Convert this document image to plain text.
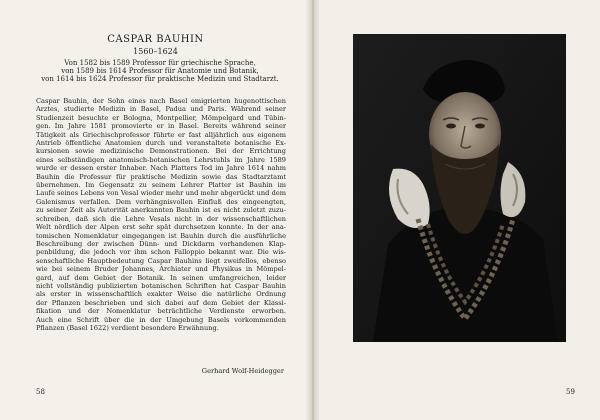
CASPAR BAUHIN
1560–1624
Von 1582 bis 1589 Professor für griechische Sprache,
von 1589 bis 1614 Professor für Anatomie und Botanik,
von 1614 bis 1624 Professor für praktische Medizin und Stadtarzt.
Caspar Bauhin, der Sohn eines nach Basel emigrierten hugenottischen
Arztes, studierte Medizin in Basel, Padua und Paris. Während seiner
Studienzeit besuchte er Bologna, Montpellier, Mömpelgard und Tübin-
gen. Im Jahre 1581 promovierte er in Basel. Bereits während seiner
Tätigkeit als Griechischprofessor führte er fast alljährlich aus eigenem
Antrieb öffentliche Anatomien durch und veranstaltete botanische Ex-
kursionen sowie medizinische Demonstrationen. Bei der Errichtung
eines selbständigen anatomisch-botanischen Lehrstuhls im Jahre 1589
wurde er dessen erster Inhaber. Nach Platters Tod im Jahre 1614 nahm
Bauhin die Professur für praktische Medizin sowie das Stadtarztamt
übernehmen. Im Gegensatz zu seinem Lehrer Platter ist Bauhin im
Laufe seines Lebens von Vesal wieder mehr und mehr abgerückt und dem
Galenismus verfallen. Dem verhängnisvollen Einfluß des eingeengten,
zu seiner Zeit als Autorität anerkannten Bauhin ist es nicht zuletzt zuzu-
schreiben, daß sich die Lehre Vesals nicht in der wissenschaftlichen
Welt nördlich der Alpen erst sehr spät durchsetzen konnte. In der ana-
tomischen Nomenklatur eingegangen ist Bauhin durch die ausführliche
Beschreibung der zwischen Dünn- und Dickdarm vorhandenen Klap-
penbildung, die jedoch vor ihm schon Falloppio bekannt war. Die wis-
senschaftliche Hauptbedeutung Caspar Bauhins liegt zweifellos, ebenso
wie bei seinem Bruder Johannes, Archiater und Physikus in Mömpel-
gard, auf dem Gebiet der Botanik. In seinen umfangreichen, leider
nicht vollständig publizierten botanischen Schriften hat Caspar Bauhin
als erster in wissenschaftlich exakter Weise die natürliche Ordnung
der Pflanzen beschrieben und sich dabei auf dem Gebiet der Klassi-
fikation und der Nomenklatur beträchtliche Verdienste erworben.
Auch eine Schrift über die in der Umgebung Basels vorkommenden
Pflanzen (Basel 1622) verdient besondere Erwähnung.
Gerhard Wolf-Heidegger
58	59
